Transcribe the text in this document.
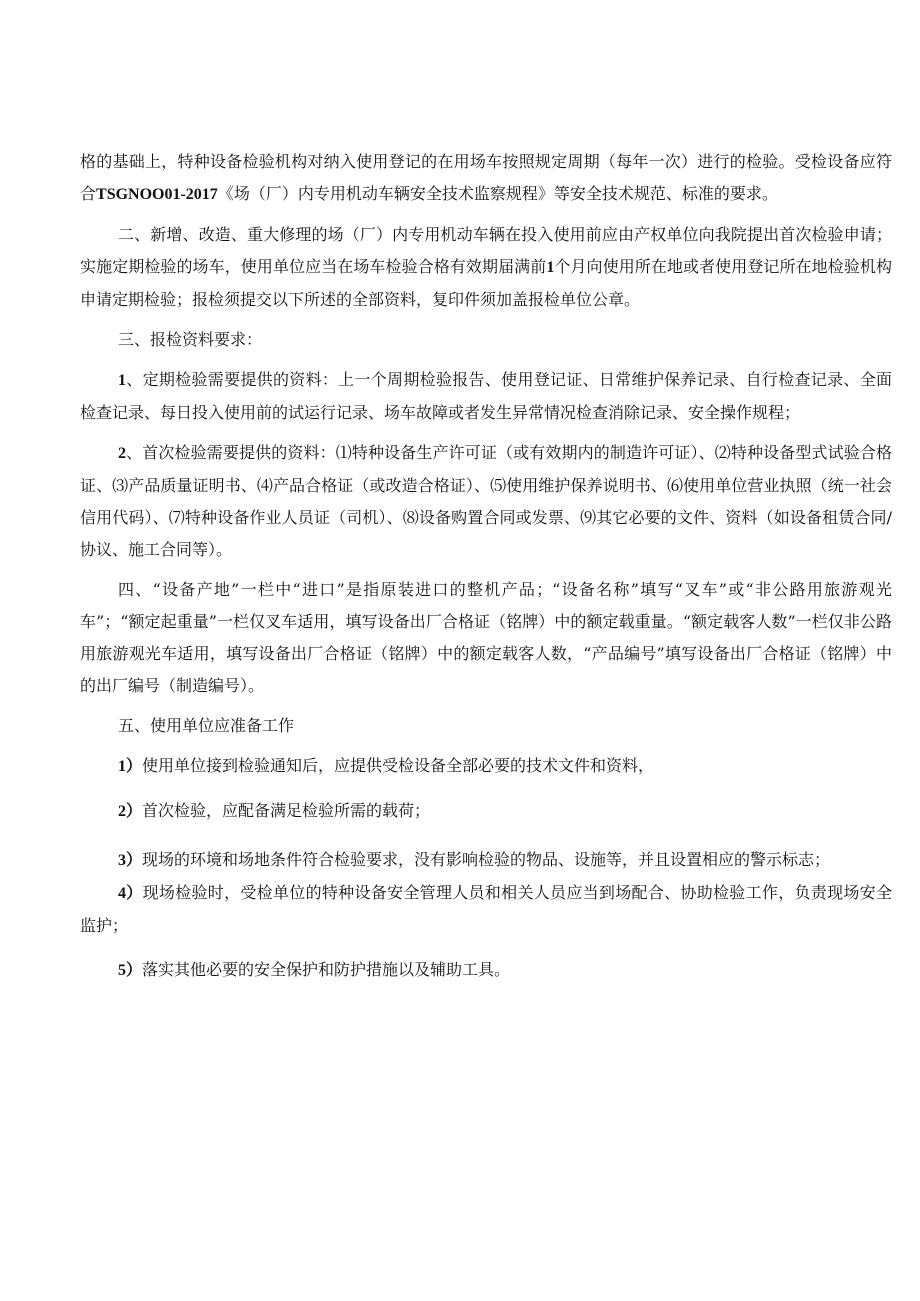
格的基础上，特种设备检验机构对纳入使用登记的在用场车按照规定周期（每年一次）进行的检验。受检设备应符合TSGNOO01-2017《场（厂）内专用机动车辆安全技术监察规程》等安全技术规范、标准的要求。

二、新增、改造、重大修理的场（厂）内专用机动车辆在投入使用前应由产权单位向我院提出首次检验申请；实施定期检验的场车，使用单位应当在场车检验合格有效期届满前1个月向使用所在地或者使用登记所在地检验机构申请定期检验；报检须提交以下所述的全部资料，复印件须加盖报检单位公章。

三、报检资料要求：

1、定期检验需要提供的资料：上一个周期检验报告、使用登记证、日常维护保养记录、自行检查记录、全面检查记录、每日投入使用前的试运行记录、场车故障或者发生异常情况检查消除记录、安全操作规程；

2、首次检验需要提供的资料：⑴特种设备生产许可证（或有效期内的制造许可证）、⑵特种设备型式试验合格证、⑶产品质量证明书、⑷产品合格证（或改造合格证）、⑸使用维护保养说明书、⑹使用单位营业执照（统一社会信用代码）、⑺特种设备作业人员证（司机）、⑻设备购置合同或发票、⑼其它必要的文件、资料（如设备租赁合同/协议、施工合同等）。

四、“设备产地”一栏中“进口”是指原装进口的整机产品；“设备名称”填写“叉车”或“非公路用旅游观光车”；“额定起重量”一栏仅叉车适用，填写设备出厂合格证（铭牌）中的额定载重量。“额定载客人数”一栏仅非公路用旅游观光车适用，填写设备出厂合格证（铭牌）中的额定载客人数，“产品编号”填写设备出厂合格证（铭牌）中的出厂编号（制造编号）。

五、使用单位应准备工作

1）使用单位接到检验通知后，应提供受检设备全部必要的技术文件和资料，

2）首次检验，应配备满足检验所需的载荷；

3）现场的环境和场地条件符合检验要求，没有影响检验的物品、设施等，并且设置相应的警示标志；

4）现场检验时，受检单位的特种设备安全管理人员和相关人员应当到场配合、协助检验工作，负责现场安全监护；

5）落实其他必要的安全保护和防护措施以及辅助工具。
